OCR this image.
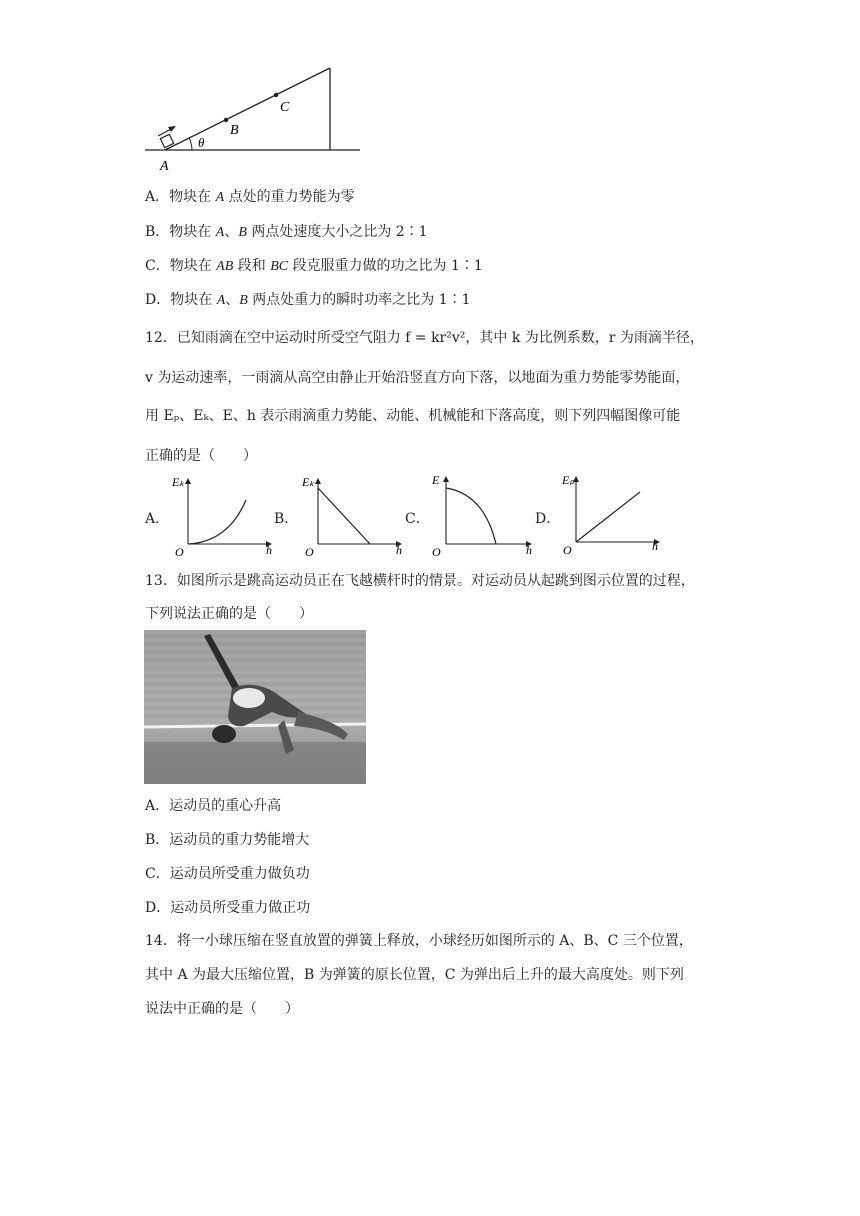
A
B
C
θ
A．物块在 A 点处的重力势能为零
B．物块在 A、B 两点处速度大小之比为 2∶1
C．物块在 AB 段和 BC 段克服重力做的功之比为 1∶1
D．物块在 A、B 两点处重力的瞬时功率之比为 1∶1
12．已知雨滴在空中运动时所受空气阻力 f = kr²v²，其中 k 为比例系数，r 为雨滴半径，
v 为运动速率，一雨滴从高空由静止开始沿竖直方向下落，以地面为重力势能零势能面，
用 Eₚ、Eₖ、E、h 表示雨滴重力势能、动能、机械能和下落高度，则下列四幅图像可能
正确的是（　　）
A．
Eₖ
h
O
B．
Eₖ
h
O
C．
E
h
O
D．
Eₚ
h
O
13．如图所示是跳高运动员正在飞越横杆时的情景。对运动员从起跳到图示位置的过程，
下列说法正确的是（　　）
A．运动员的重心升高
B．运动员的重力势能增大
C．运动员所受重力做负功
D．运动员所受重力做正功
14．将一小球压缩在竖直放置的弹簧上释放，小球经历如图所示的 A、B、C 三个位置，
其中 A 为最大压缩位置，B 为弹簧的原长位置，C 为弹出后上升的最大高度处。则下列
说法中正确的是（　　）
